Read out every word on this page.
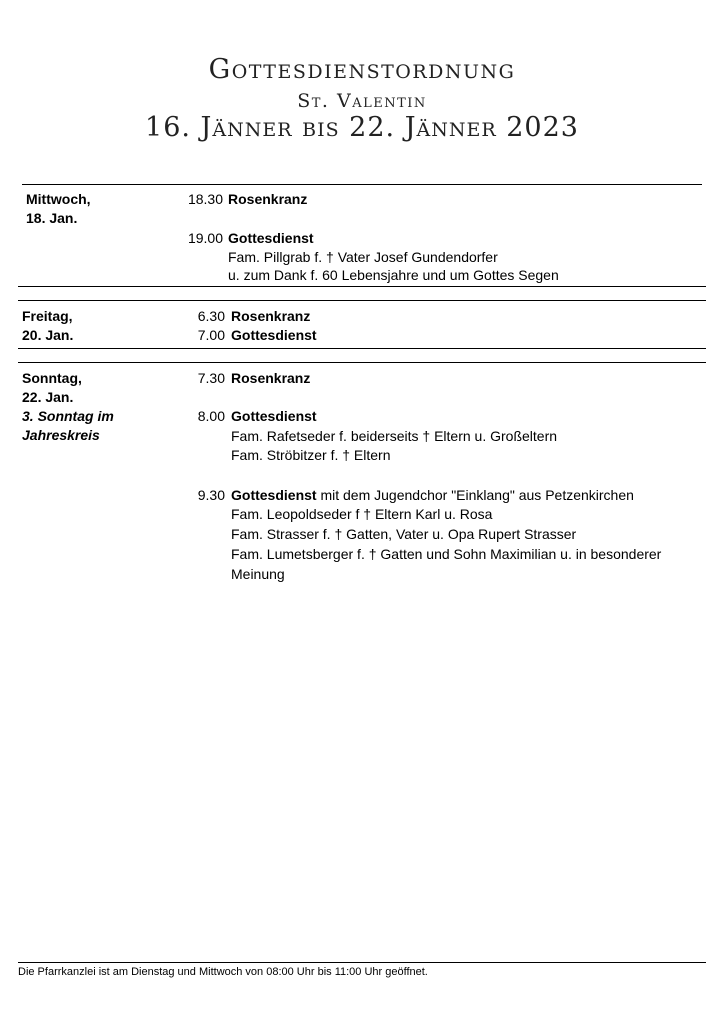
Gottesdienstordnung
St. Valentin
16. Jänner bis 22. Jänner 2023
Mittwoch,
18. Jan.
18.30 Rosenkranz
19.00 Gottesdienst
Fam. Pillgrab f. † Vater Josef Gundendorfer
u. zum Dank f. 60 Lebensjahre und um Gottes Segen
Freitag,
20. Jan.
6.30 Rosenkranz
7.00 Gottesdienst
Sonntag,
22. Jan.
3. Sonntag im
Jahreskreis
7.30 Rosenkranz
8.00 Gottesdienst
Fam. Rafetseder f. beiderseits † Eltern u. Großeltern
Fam. Ströbitzer f. † Eltern
9.30 Gottesdienst mit dem Jugendchor "Einklang" aus Petzenkirchen
Fam. Leopoldseder f † Eltern Karl u. Rosa
Fam. Strasser f. † Gatten, Vater u. Opa Rupert Strasser
Fam. Lumetsberger f. † Gatten und Sohn Maximilian u. in besonderer
Meinung
Die Pfarrkanzlei ist am Dienstag und Mittwoch von 08:00 Uhr bis 11:00 Uhr geöffnet.
